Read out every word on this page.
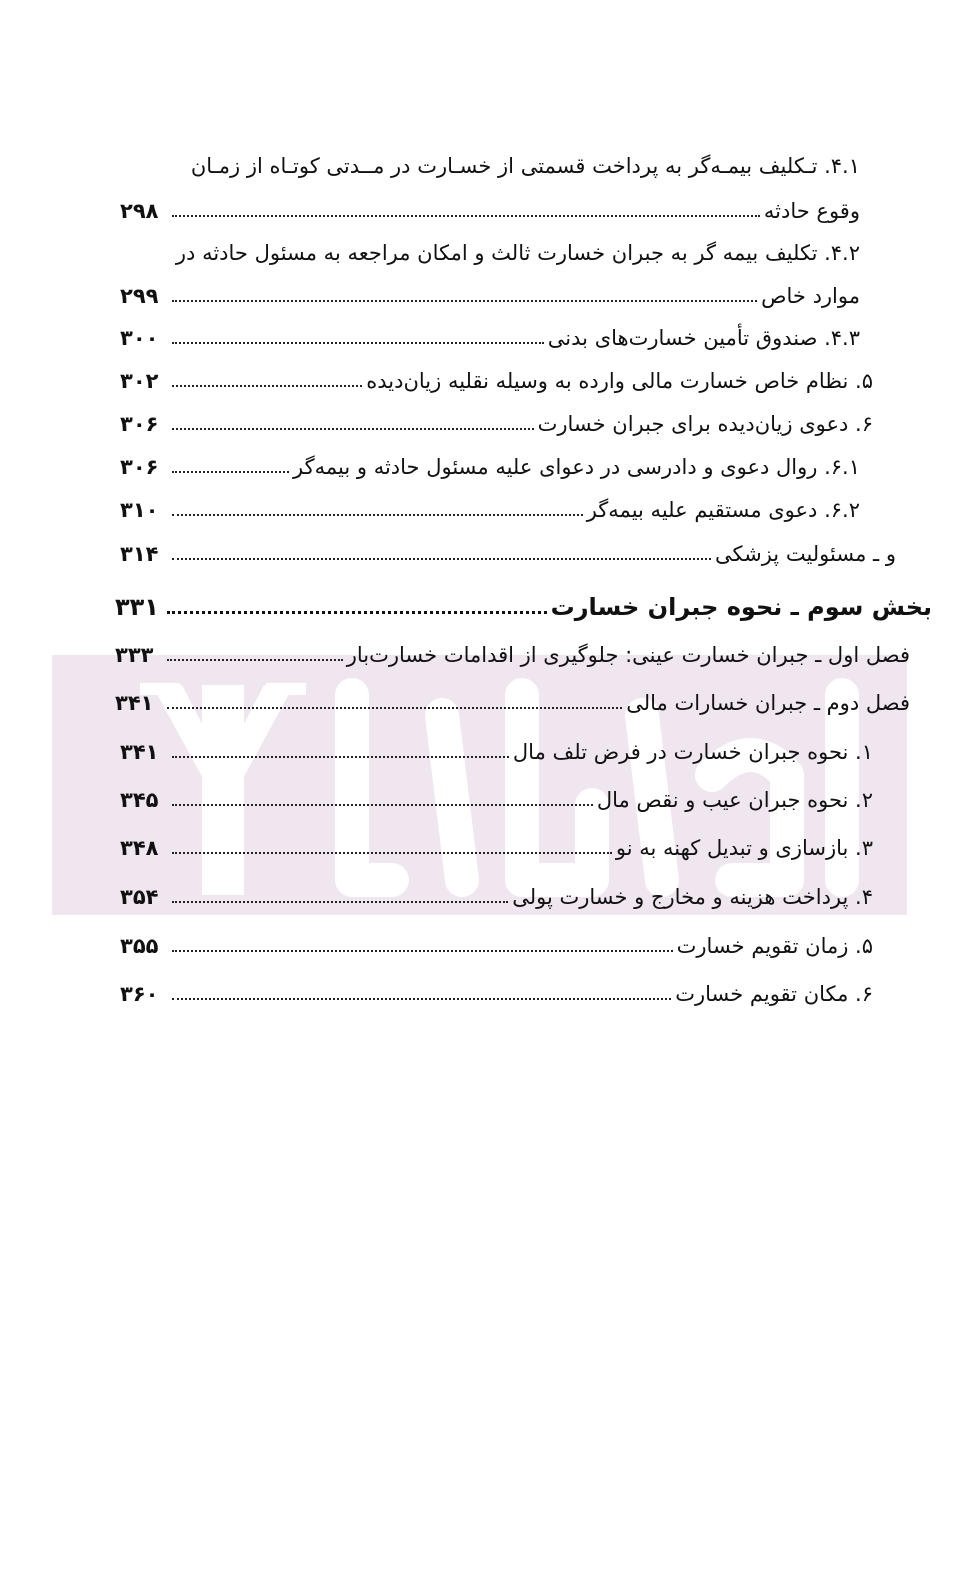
۴.۱. تـکلیف بیمـه‌گر به پرداخت قسمتی از خسـارت در مــدتی کوتـاه از زمـان
وقوع حادثه
۲۹۸
۴.۲. تکلیف بیمه گر به جبران خسارت ثالث و امکان مراجعه به مسئول حادثه در
موارد خاص
۲۹۹
۴.۳. صندوق تأمین خسارت‌های بدنی
۳۰۰
۵. نظام خاص خسارت مالی وارده به وسیله نقلیه زیان‌دیده
۳۰۲
۶. دعوی زیان‌دیده برای جبران خسارت
۳۰۶
۶.۱. روال دعوی و دادرسی در دعوای علیه مسئول حادثه و بیمه‌گر
۳۰۶
۶.۲. دعوی مستقیم علیه بیمه‌گر
۳۱۰
و ـ مسئولیت پزشکی
۳۱۴
بخش سوم ـ نحوه جبران خسارت
۳۳۱
فصل اول ـ جبران خسارت عینی: جلوگیری از اقدامات خسارت‌بار
۳۳۳
فصل دوم ـ جبران خسارات مالی
۳۴۱
۱. نحوه جبران خسارت در فرض تلف مال
۳۴۱
۲. نحوه جبران عیب و نقص مال
۳۴۵
۳. بازسازی و تبدیل کهنه به نو
۳۴۸
۴. پرداخت هزینه و مخارج و خسارت پولی
۳۵۴
۵. زمان تقویم خسارت
۳۵۵
۶. مکان تقویم خسارت
۳۶۰
